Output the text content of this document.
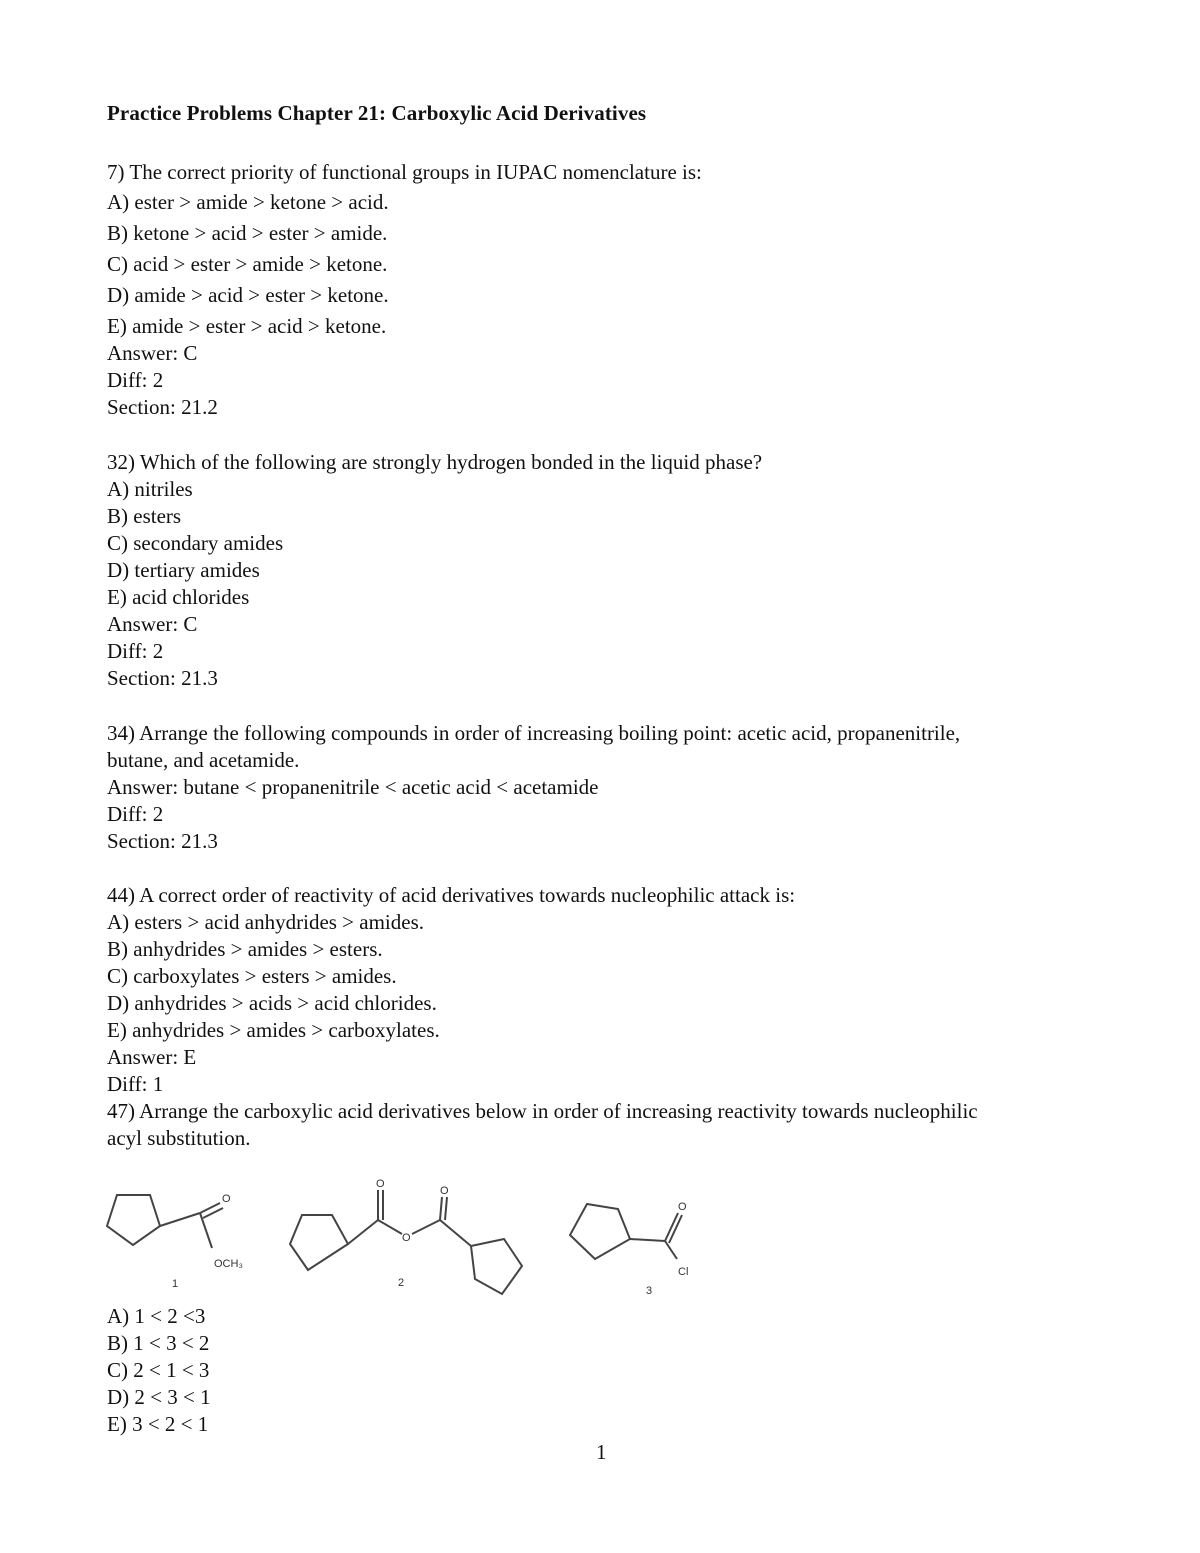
Practice Problems Chapter 21: Carboxylic Acid Derivatives
7) The correct priority of functional groups in IUPAC nomenclature is:
A) ester > amide > ketone > acid.
B) ketone > acid > ester > amide.
C) acid > ester > amide > ketone.
D) amide > acid > ester > ketone.
E) amide > ester > acid > ketone.
Answer: C
Diff: 2
Section: 21.2
32) Which of the following are strongly hydrogen bonded in the liquid phase?
A) nitriles
B) esters
C) secondary amides
D) tertiary amides
E) acid chlorides
Answer: C
Diff: 2
Section: 21.3
34) Arrange the following compounds in order of increasing boiling point: acetic acid, propanenitrile,
butane, and acetamide.
Answer: butane < propanenitrile < acetic acid < acetamide
Diff: 2
Section: 21.3
44) A correct order of reactivity of acid derivatives towards nucleophilic attack is:
A) esters > acid anhydrides > amides.
B) anhydrides > amides > esters.
C) carboxylates > esters > amides.
D) anhydrides > acids > acid chlorides.
E) anhydrides > amides > carboxylates.
Answer: E
Diff: 1
47) Arrange the carboxylic acid derivatives below in order of increasing reactivity towards nucleophilic
acyl substitution.
O
OCH₃
1
O
O
O
2
O
Cl
3
A) 1 < 2 <3
B) 1 < 3 < 2
C) 2 < 1 < 3
D) 2 < 3 < 1
E) 3 < 2 < 1
1
